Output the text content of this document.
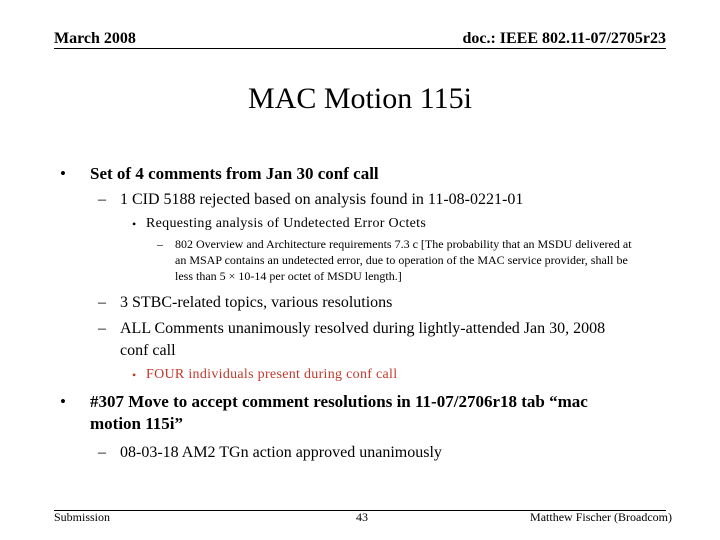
March 2008	doc.: IEEE 802.11-07/2705r23
MAC Motion 115i
•	Set of 4 comments from Jan 30 conf call
– 1 CID 5188 rejected based on analysis found in 11-08-0221-01
• Requesting analysis of Undetected Error Octets
–	802 Overview and Architecture requirements 7.3 c [The probability that an MSDU delivered at an MSAP contains an undetected error, due to operation of the MAC service provider, shall be less than 5 × 10-14 per octet of MSDU length.]
– 3 STBC-related topics, various resolutions
– ALL Comments unanimously resolved during lightly-attended Jan 30, 2008 conf call
• FOUR individuals present during conf call
•	#307 Move to accept comment resolutions in 11-07/2706r18 tab “mac motion 115i”
– 08-03-18 AM2 TGn action approved unanimously
Submission	43	Matthew Fischer (Broadcom)
